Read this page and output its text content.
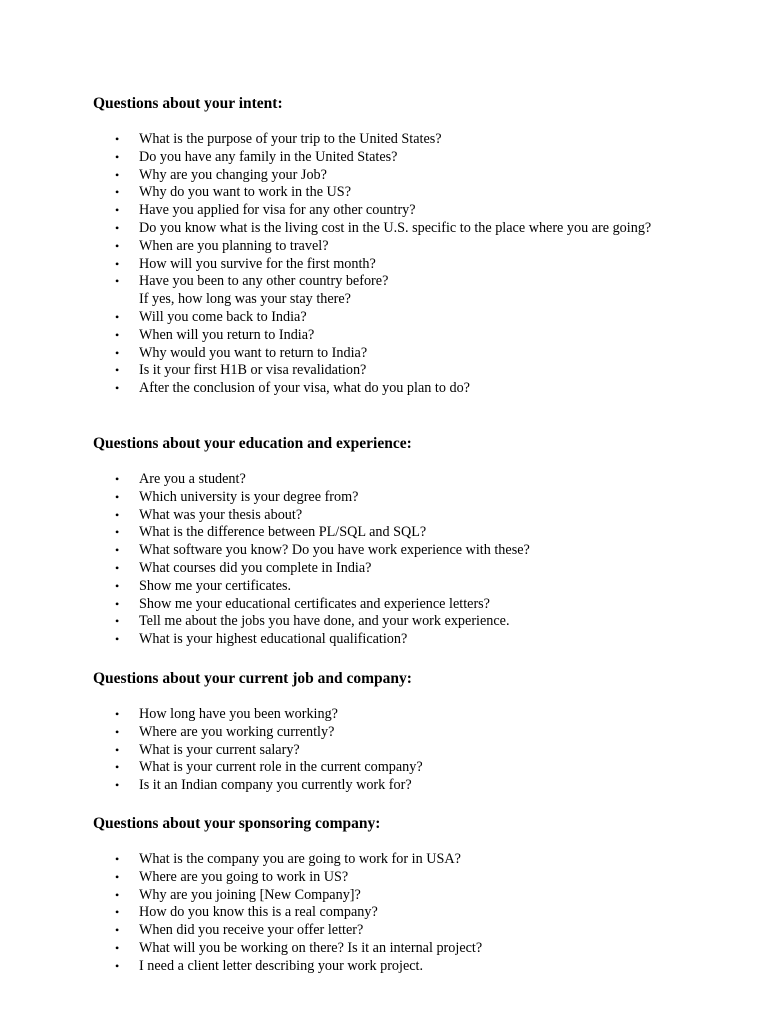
Questions about your intent:
• What is the purpose of your trip to the United States?
• Do you have any family in the United States?
• Why are you changing your Job?
• Why do you want to work in the US?
• Have you applied for visa for any other country?
• Do you know what is the living cost in the U.S. specific to the place where you are going?
• When are you planning to travel?
• How will you survive for the first month?
• Have you been to any other country before?
If yes, how long was your stay there?
• Will you come back to India?
• When will you return to India?
• Why would you want to return to India?
• Is it your first H1B or visa revalidation?
• After the conclusion of your visa, what do you plan to do?
Questions about your education and experience:
• Are you a student?
• Which university is your degree from?
• What was your thesis about?
• What is the difference between PL/SQL and SQL?
• What software you know? Do you have work experience with these?
• What courses did you complete in India?
• Show me your certificates.
• Show me your educational certificates and experience letters?
• Tell me about the jobs you have done, and your work experience.
• What is your highest educational qualification?
Questions about your current job and company:
• How long have you been working?
• Where are you working currently?
• What is your current salary?
• What is your current role in the current company?
• Is it an Indian company you currently work for?
Questions about your sponsoring company:
• What is the company you are going to work for in USA?
• Where are you going to work in US?
• Why are you joining [New Company]?
• How do you know this is a real company?
• When did you receive your offer letter?
• What will you be working on there? Is it an internal project?
• I need a client letter describing your work project.
